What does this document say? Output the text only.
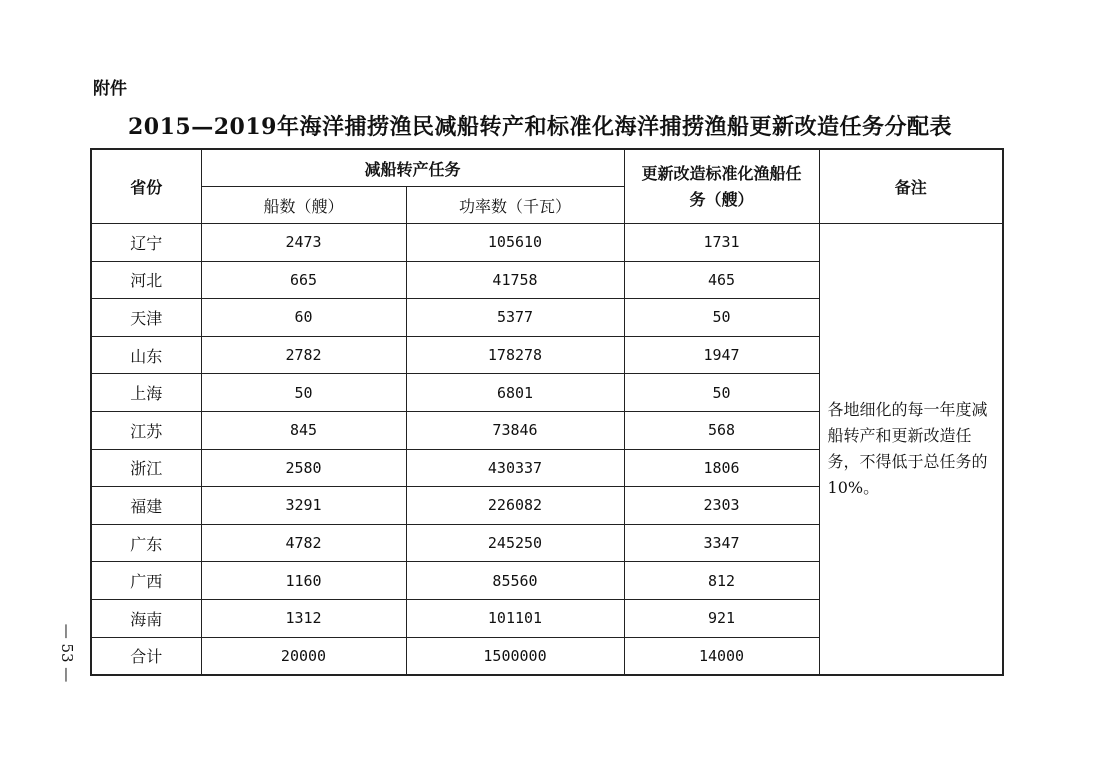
附件
2015—2019年海洋捕捞渔民减船转产和标准化海洋捕捞渔船更新改造任务分配表
省份	减船转产任务		更新改造标准化渔船任务（艘）	备注
	船数（艘）	功率数（千瓦）		
辽宁	2473	105610	1731	各地细化的每一年度减船转产和更新改造任务，不得低于总任务的10%。
河北	665	41758	465	
天津	60	5377	50	
山东	2782	178278	1947	
上海	50	6801	50	
江苏	845	73846	568	
浙江	2580	430337	1806	
福建	3291	226082	2303	
广东	4782	245250	3347	
广西	1160	85560	812	
海南	1312	101101	921	
合计	20000	1500000	14000	
— 53 —
